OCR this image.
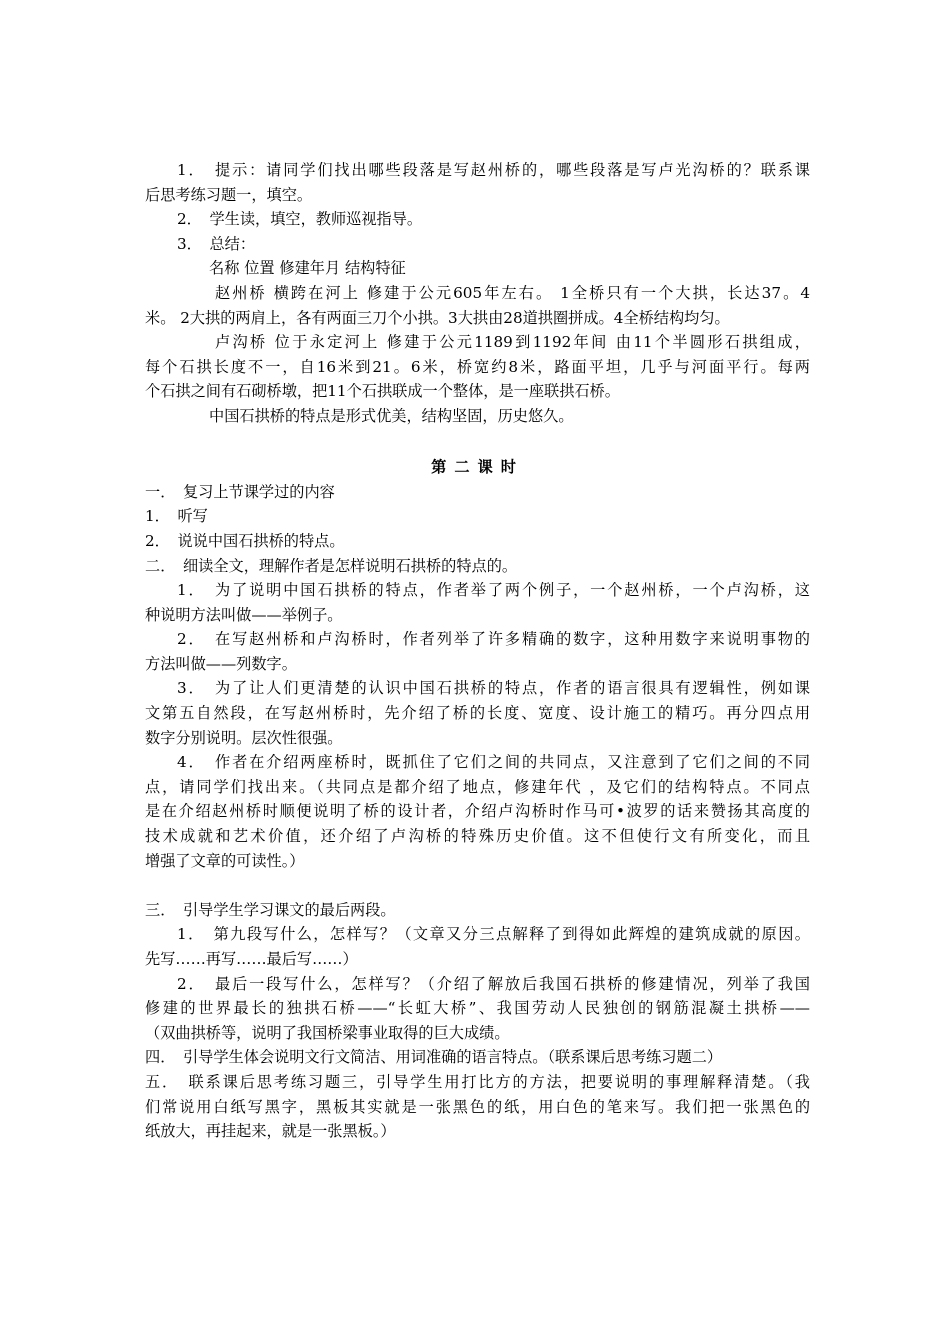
1．　提示：请同学们找出哪些段落是写赵州桥的，哪些段落是写卢光沟桥的？联系课
后思考练习题一，填空。
2．　学生读，填空，教师巡视指导。
3．　总结：
名称 位置 修建年月 结构特征
赵州桥 横跨在河上 修建于公元605年左右。 1全桥只有一个大拱，长达37。4
米。 2大拱的两肩上，各有两面三刀个小拱。3大拱由28道拱圈拼成。4全桥结构均匀。
卢沟桥 位于永定河上 修建于公元1189到1192年间 由11个半圆形石拱组成，
每个石拱长度不一，自16米到21。6米，桥宽约8米，路面平坦，几乎与河面平行。每两
个石拱之间有石砌桥墩，把11个石拱联成一个整体，是一座联拱石桥。
中国石拱桥的特点是形式优美，结构坚固，历史悠久。
第二课时
一．　复习上节课学过的内容
1．　听写
2．　说说中国石拱桥的特点。
二．　细读全文，理解作者是怎样说明石拱桥的特点的。
1．　为了说明中国石拱桥的特点，作者举了两个例子，一个赵州桥，一个卢沟桥，这
种说明方法叫做——举例子。
2．　在写赵州桥和卢沟桥时，作者列举了许多精确的数字，这种用数字来说明事物的
方法叫做——列数字。
3．　为了让人们更清楚的认识中国石拱桥的特点，作者的语言很具有逻辑性，例如课
文第五自然段，在写赵州桥时，先介绍了桥的长度、宽度、设计施工的精巧。再分四点用
数字分别说明。层次性很强。
4．　作者在介绍两座桥时，既抓住了它们之间的共同点，又注意到了它们之间的不同
点，请同学们找出来。（共同点是都介绍了地点，修建年代 ，及它们的结构特点。不同点
是在介绍赵州桥时顺便说明了桥的设计者，介绍卢沟桥时作马可•波罗的话来赞扬其高度的
技术成就和艺术价值，还介绍了卢沟桥的特殊历史价值。这不但使行文有所变化，而且
增强了文章的可读性。）
三．　引导学生学习课文的最后两段。
1．　第九段写什么，怎样写？（文章又分三点解释了到得如此辉煌的建筑成就的原因。
先写……再写……最后写……）
2．　最后一段写什么，怎样写？（介绍了解放后我国石拱桥的修建情况，列举了我国
修建的世界最长的独拱石桥——“长虹大桥”、我国劳动人民独创的钢筋混凝土拱桥——
（双曲拱桥等，说明了我国桥梁事业取得的巨大成绩。
四．　引导学生体会说明文行文简洁、用词准确的语言特点。（联系课后思考练习题二）
五．　联系课后思考练习题三，引导学生用打比方的方法，把要说明的事理解释清楚。（我
们常说用白纸写黑字，黑板其实就是一张黑色的纸，用白色的笔来写。我们把一张黑色的
纸放大，再挂起来，就是一张黑板。）
